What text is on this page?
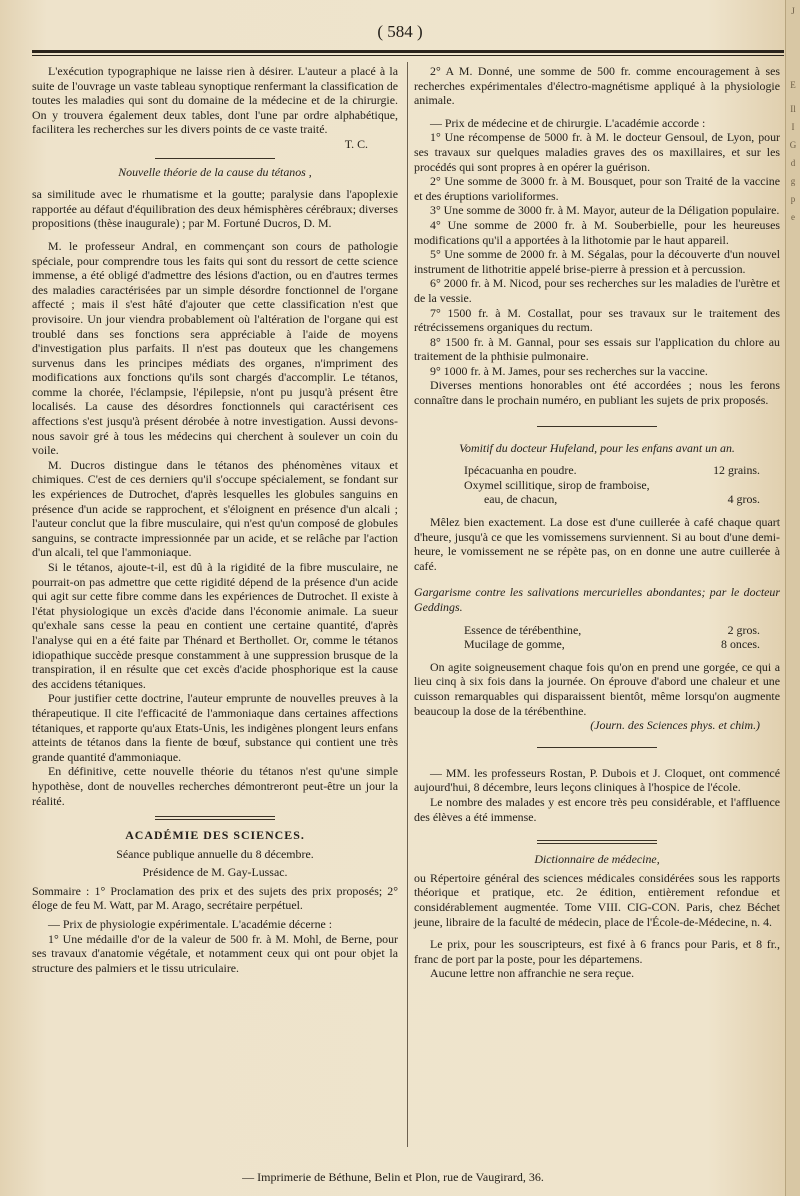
J
E
Il
I
G
d
g
p
e
( 584 )

L'exécution typographique ne laisse rien à désirer. L'auteur a placé à la suite de l'ouvrage un vaste tableau synoptique renfermant la classification de toutes les maladies qui sont du domaine de la médecine et de la chirurgie. On y trouvera également deux tables, dont l'une par ordre alphabétique, facilitera les recherches sur les divers points de ce vaste traité.

T. C.

Nouvelle théorie de la cause du tétanos ,

sa similitude avec le rhumatisme et la goutte; paralysie dans l'apoplexie rapportée au défaut d'équilibration des deux hémisphères cérébraux; diverses propositions (thèse inaugurale) ; par M. Fortuné Ducros, D. M.

M. le professeur Andral, en commençant son cours de pathologie spéciale, pour comprendre tous les faits qui sont du ressort de cette science immense, a été obligé d'admettre des lésions d'action, ou en d'autres termes des maladies caractérisées par un simple désordre fonctionnel de l'organe affecté ; mais il s'est hâté d'ajouter que cette classification n'est que provisoire. Un jour viendra probablement où l'altération de l'organe qui est troublé dans ses fonctions sera appréciable à l'aide de moyens d'investigation plus parfaits. Il n'est pas douteux que les changemens survenus dans les principes médiats des organes, n'impriment des modifications aux fonctions qu'ils sont chargés d'accomplir. Le tétanos, comme la chorée, l'éclampsie, l'épilepsie, n'ont pu jusqu'à présent être localisés. La cause des désordres fonctionnels qui caractérisent ces affections s'est jusqu'à présent dérobée à notre investigation. Aussi devons-nous savoir gré à tous les médecins qui cherchent à soulever un coin du voile.

M. Ducros distingue dans le tétanos des phénomènes vitaux et chimiques. C'est de ces derniers qu'il s'occupe spécialement, se fondant sur les expériences de Dutrochet, d'après lesquelles les globules sanguins en présence d'un acide se rapprochent, et s'éloignent en présence d'un alcali ; l'auteur conclut que la fibre musculaire, qui n'est qu'un composé de globules sanguins, se contracte impressionnée par un acide, et se relâche par l'action d'un alcali, tel que l'ammoniaque.

Si le tétanos, ajoute-t-il, est dû à la rigidité de la fibre musculaire, ne pourrait-on pas admettre que cette rigidité dépend de la présence d'un acide qui agit sur cette fibre comme dans les expériences de Dutrochet. Il existe à l'état physiologique un excès d'acide dans l'économie animale. La sueur qu'exhale sans cesse la peau en contient une certaine quantité, d'après l'analyse qui en a été faite par Thénard et Berthollet. Or, comme le tétanos idiopathique succède presque constamment à une suppression brusque de la transpiration, il en résulte que cet excès d'acide phosphorique est la cause des accidens tétaniques.

Pour justifier cette doctrine, l'auteur emprunte de nouvelles preuves à la thérapeutique. Il cite l'efficacité de l'ammoniaque dans certaines affections tétaniques, et rapporte qu'aux Etats-Unis, les indigènes plongent leurs enfans atteints de tétanos dans la fiente de bœuf, substance qui contient une très grande quantité d'ammoniaque.

En définitive, cette nouvelle théorie du tétanos n'est qu'une simple hypothèse, dont de nouvelles recherches démontreront peut-être un jour la réalité.

ACADÉMIE DES SCIENCES.

Séance publique annuelle du 8 décembre.

Présidence de M. Gay-Lussac.

Sommaire : 1° Proclamation des prix et des sujets des prix proposés; 2° éloge de feu M. Watt, par M. Arago, secrétaire perpétuel.

— Prix de physiologie expérimentale. L'académie décerne :

1° Une médaille d'or de la valeur de 500 fr. à M. Mohl, de Berne, pour ses travaux d'anatomie végétale, et notamment ceux qui ont pour objet la structure des palmiers et le tissu utriculaire.

2° A M. Donné, une somme de 500 fr. comme encouragement à ses recherches expérimentales d'électro-magnétisme appliqué à la physiologie animale.

— Prix de médecine et de chirurgie. L'académie accorde :

1° Une récompense de 5000 fr. à M. le docteur Gensoul, de Lyon, pour ses travaux sur quelques maladies graves des os maxillaires, et sur les procédés qui sont propres à en opérer la guérison.

2° Une somme de 3000 fr. à M. Bousquet, pour son Traité de la vaccine et des éruptions varioliformes.

3° Une somme de 3000 fr. à M. Mayor, auteur de la Déligation populaire.

4° Une somme de 2000 fr. à M. Souberbielle, pour les heureuses modifications qu'il a apportées à la lithotomie par le haut appareil.

5° Une somme de 2000 fr. à M. Ségalas, pour la découverte d'un nouvel instrument de lithotritie appelé brise-pierre à pression et à percussion.

6° 2000 fr. à M. Nicod, pour ses recherches sur les maladies de l'urètre et de la vessie.

7° 1500 fr. à M. Costallat, pour ses travaux sur le traitement des rétrécissemens organiques du rectum.

8° 1500 fr. à M. Gannal, pour ses essais sur l'application du chlore au traitement de la phthisie pulmonaire.

9° 1000 fr. à M. James, pour ses recherches sur la vaccine.

Diverses mentions honorables ont été accordées ; nous les ferons connaître dans le prochain numéro, en publiant les sujets de prix proposés.

Vomitif du docteur Hufeland, pour les enfans avant un an.

Ipécacuanha en poudre.	12 grains.
Oxymel scillitique, sirop de framboise,
eau, de chacun,	4 gros.

Mêlez bien exactement. La dose est d'une cuillerée à café chaque quart d'heure, jusqu'à ce que les vomissemens surviennent. Si au bout d'une demi-heure, le vomissement ne se répète pas, on en donne une autre cuillerée à café.

Gargarisme contre les salivations mercurielles abondantes; par le docteur Geddings.

Essence de térébenthine,	2 gros.
Mucilage de gomme,	8 onces.

On agite soigneusement chaque fois qu'on en prend une gorgée, ce qui a lieu cinq à six fois dans la journée. On éprouve d'abord une chaleur et une cuisson remarquables qui disparaissent bientôt, même lorsqu'on augmente beaucoup la dose de la térébenthine.

(Journ. des Sciences phys. et chim.)

— MM. les professeurs Rostan, P. Dubois et J. Cloquet, ont commencé aujourd'hui, 8 décembre, leurs leçons cliniques à l'hospice de l'école.

Le nombre des malades y est encore très peu considérable, et l'affluence des élèves a été immense.

Dictionnaire de médecine,

ou Répertoire général des sciences médicales considérées sous les rapports théorique et pratique, etc. 2e édition, entièrement refondue et considérablement augmentée. Tome VIII. CIG-CON. Paris, chez Béchet jeune, libraire de la faculté de médecin, place de l'École-de-Médecine, n. 4.

Le prix, pour les souscripteurs, est fixé à 6 francs pour Paris, et 8 fr., franc de port par la poste, pour les départemens.

Aucune lettre non affranchie ne sera reçue.

— Imprimerie de Béthune, Belin et Plon, rue de Vaugirard, 36.
